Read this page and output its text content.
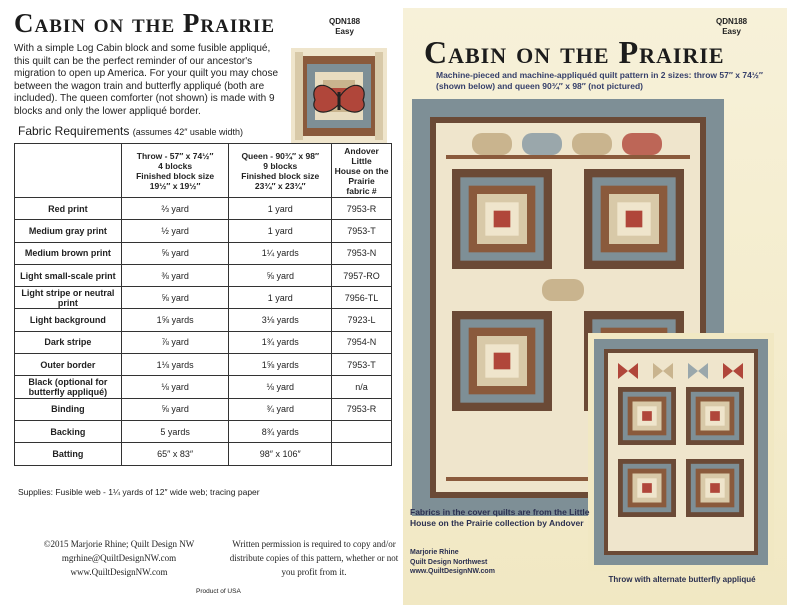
Cabin on the Prairie	QDN188
Easy
With a simple Log Cabin block and some fusible appliqué, this quilt can be the perfect reminder of our ancestor's migration to open up America. For your quilt you may chose between the wagon train and butterfly appliqué (both are included). The queen comforter (not shown) is made with 9 blocks and only the lower appliqué border.
Fabric Requirements (assumes 42″ usable width)
	Throw - 57″ x 74½″
4 blocks
Finished block size
19½″ x 19½″	Queen - 90¾″ x 98″
9 blocks
Finished block size
23¾″ x 23¾″	Andover
Little
House on the Prairie
fabric #
Red print	⅔ yard	1 yard	7953-R
Medium gray print	½ yard	1 yard	7953-T
Medium brown print	⅝ yard	1¼ yards	7953-N
Light small-scale print	⅜ yard	⅝ yard	7957-RO
Light stripe or neutral print	⅝ yard	1 yard	7956-TL
Light background	1⅝ yards	3⅛ yards	7923-L
Dark stripe	⅞ yard	1¾ yards	7954-N
Outer border	1⅛ yards	1⅝ yards	7953-T
Black (optional for butterfly appliqué)	⅛ yard	⅛ yard	n/a
Binding	⅝ yard	¾ yard	7953-R
Backing	5 yards	8¾ yards	
Batting	65″ x 83″	98″ x 106″	
Supplies: Fusible web - 1¼ yards of 12″ wide web; tracing paper
©2015 Marjorie Rhine; Quilt Design NW
mgrhine@QuiltDesignNW.com
www.QuiltDesignNW.com
Written permission is required to copy and/or distribute copies of this pattern, whether or not you profit from it.
Product of USA
QDN188
Easy
Cabin on the Prairie
Machine-pieced and machine-appliquéd quilt pattern in 2 sizes: throw 57″ x 74½″ (shown below) and queen 90¾″ x 98″ (not pictured)
Fabrics in the cover quilts are from the Little House on the Prairie collection by Andover
Marjorie Rhine
Quilt Design Northwest
www.QuiltDesignNW.com
Throw with alternate butterfly appliqué
